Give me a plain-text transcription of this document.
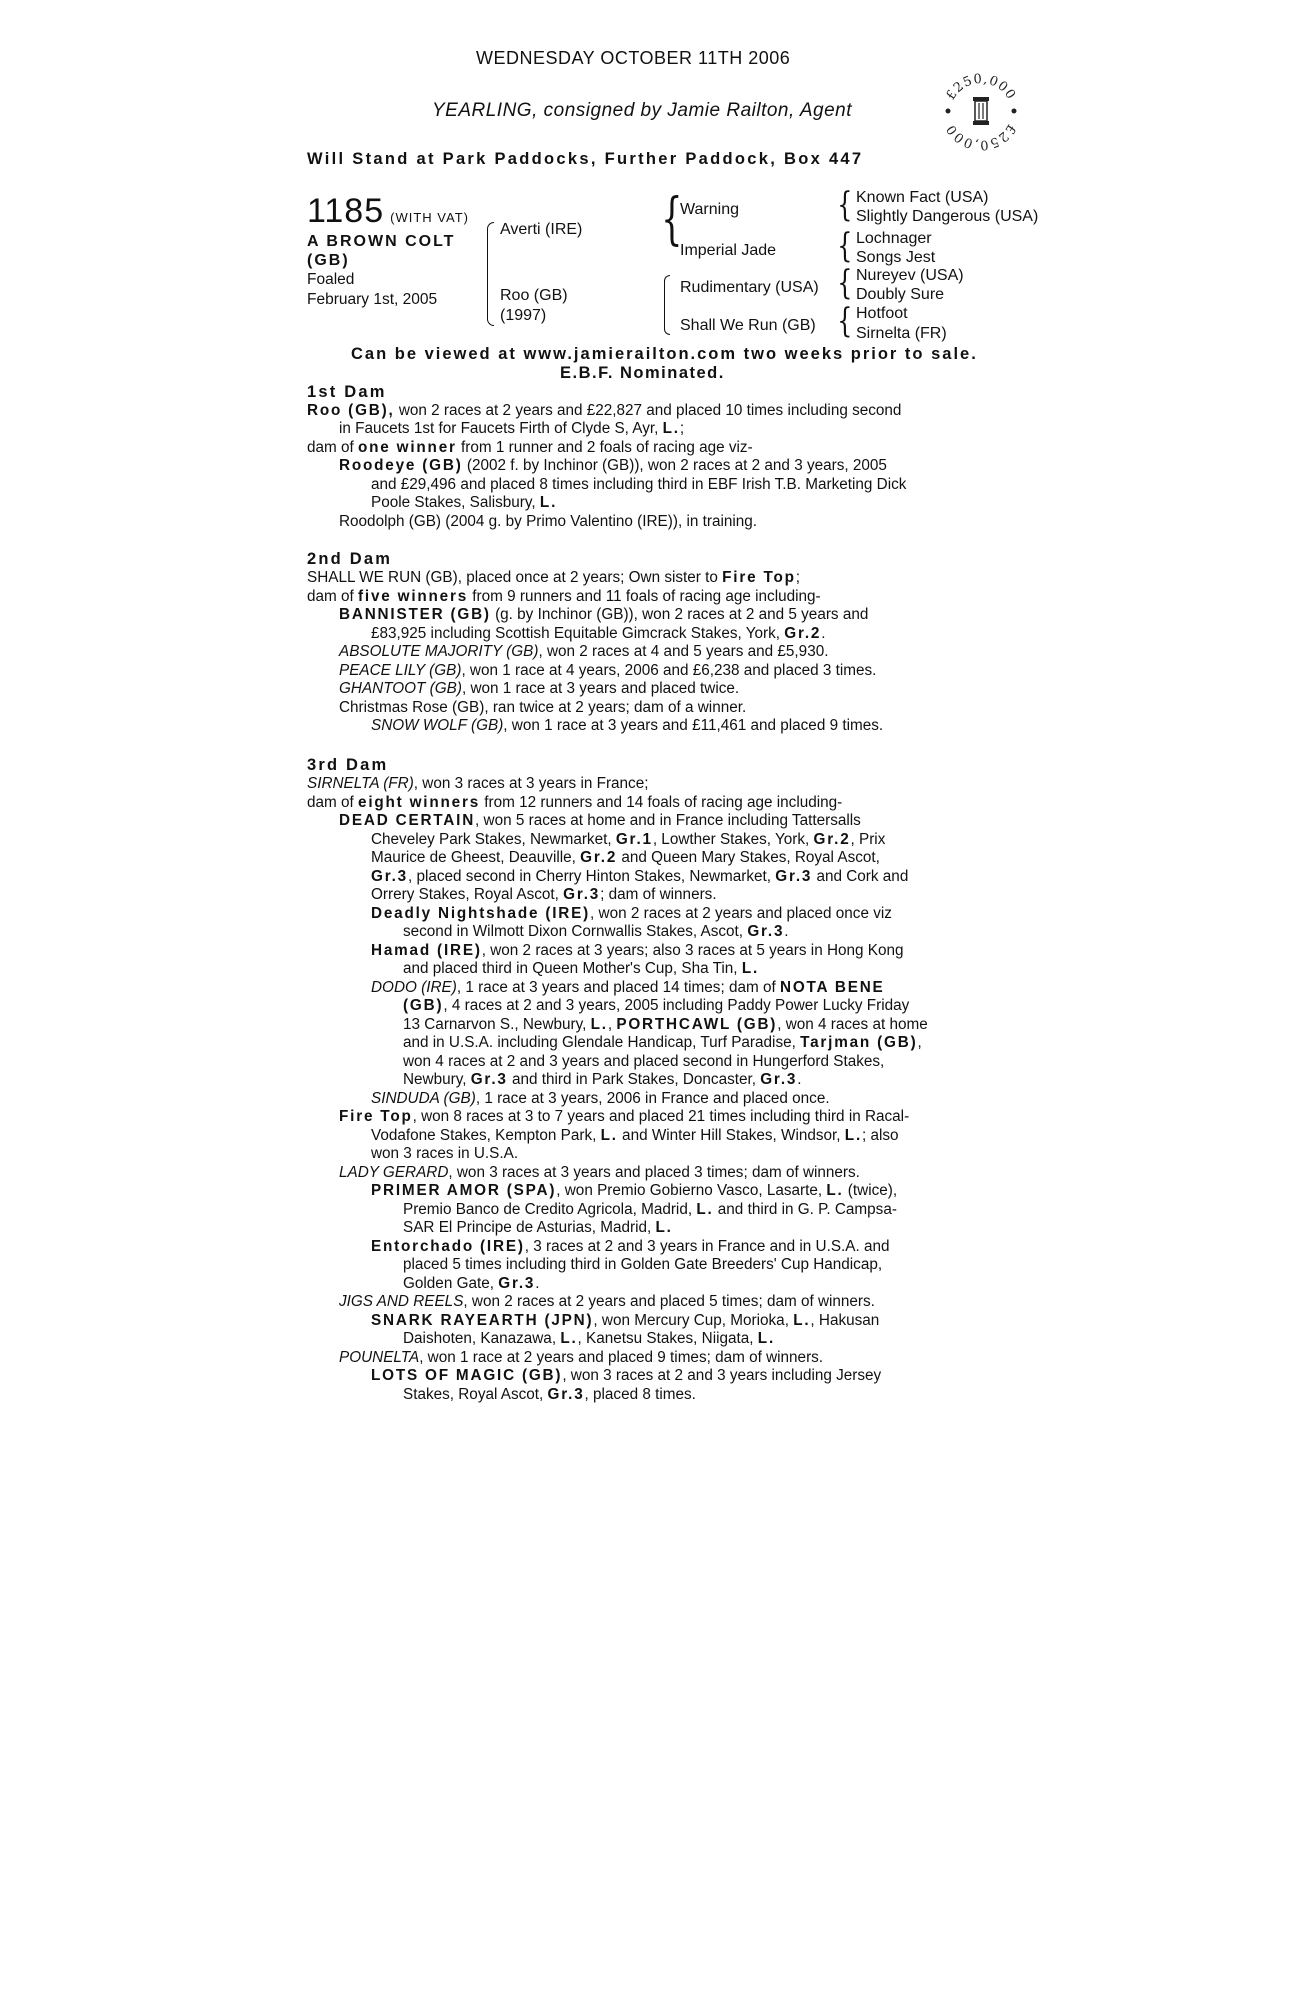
WEDNESDAY OCTOBER 11TH 2006
YEARLING, consigned by Jamie Railton, Agent
Will Stand at Park Paddocks, Further Paddock, Box 447
£250,000
£250,000
1185 (WITH VAT)
A BROWN COLT
(GB)
Foaled
February 1st, 2005
Averti (IRE)
Roo (GB)
(1997)
{
Warning
Imperial Jade
Rudimentary (USA)
Shall We Run (GB)
{
{
{
{
Known Fact (USA)
Slightly Dangerous (USA)
Lochnager
Songs Jest
Nureyev (USA)
Doubly Sure
Hotfoot
Sirnelta (FR)
Can be viewed at www.jamierailton.com two weeks prior to sale.
E.B.F. Nominated.
1st Dam
Roo (GB), won 2 races at 2 years and £22,827 and placed 10 times including second
in Faucets 1st for Faucets Firth of Clyde S, Ayr, L.;
dam of one winner from 1 runner and 2 foals of racing age viz-
Roodeye (GB) (2002 f. by Inchinor (GB)), won 2 races at 2 and 3 years, 2005
and £29,496 and placed 8 times including third in EBF Irish T.B. Marketing Dick
Poole Stakes, Salisbury, L.
Roodolph (GB) (2004 g. by Primo Valentino (IRE)), in training.
2nd Dam
SHALL WE RUN (GB), placed once at 2 years; Own sister to Fire Top;
dam of five winners from 9 runners and 11 foals of racing age including-
BANNISTER (GB) (g. by Inchinor (GB)), won 2 races at 2 and 5 years and
£83,925 including Scottish Equitable Gimcrack Stakes, York, Gr.2.
ABSOLUTE MAJORITY (GB), won 2 races at 4 and 5 years and £5,930.
PEACE LILY (GB), won 1 race at 4 years, 2006 and £6,238 and placed 3 times.
GHANTOOT (GB), won 1 race at 3 years and placed twice.
Christmas Rose (GB), ran twice at 2 years; dam of a winner.
SNOW WOLF (GB), won 1 race at 3 years and £11,461 and placed 9 times.
3rd Dam
SIRNELTA (FR), won 3 races at 3 years in France;
dam of eight winners from 12 runners and 14 foals of racing age including-
DEAD CERTAIN, won 5 races at home and in France including Tattersalls
Cheveley Park Stakes, Newmarket, Gr.1, Lowther Stakes, York, Gr.2, Prix
Maurice de Gheest, Deauville, Gr.2 and Queen Mary Stakes, Royal Ascot,
Gr.3, placed second in Cherry Hinton Stakes, Newmarket, Gr.3 and Cork and
Orrery Stakes, Royal Ascot, Gr.3; dam of winners.
Deadly Nightshade (IRE), won 2 races at 2 years and placed once viz
second in Wilmott Dixon Cornwallis Stakes, Ascot, Gr.3.
Hamad (IRE), won 2 races at 3 years; also 3 races at 5 years in Hong Kong
and placed third in Queen Mother's Cup, Sha Tin, L.
DODO (IRE), 1 race at 3 years and placed 14 times; dam of NOTA BENE
(GB), 4 races at 2 and 3 years, 2005 including Paddy Power Lucky Friday
13 Carnarvon S., Newbury, L., PORTHCAWL (GB), won 4 races at home
and in U.S.A. including Glendale Handicap, Turf Paradise, Tarjman (GB),
won 4 races at 2 and 3 years and placed second in Hungerford Stakes,
Newbury, Gr.3 and third in Park Stakes, Doncaster, Gr.3.
SINDUDA (GB), 1 race at 3 years, 2006 in France and placed once.
Fire Top, won 8 races at 3 to 7 years and placed 21 times including third in Racal-
Vodafone Stakes, Kempton Park, L. and Winter Hill Stakes, Windsor, L.; also
won 3 races in U.S.A.
LADY GERARD, won 3 races at 3 years and placed 3 times; dam of winners.
PRIMER AMOR (SPA), won Premio Gobierno Vasco, Lasarte, L. (twice),
Premio Banco de Credito Agricola, Madrid, L. and third in G. P. Campsa-
SAR El Principe de Asturias, Madrid, L.
Entorchado (IRE), 3 races at 2 and 3 years in France and in U.S.A. and
placed 5 times including third in Golden Gate Breeders' Cup Handicap,
Golden Gate, Gr.3.
JIGS AND REELS, won 2 races at 2 years and placed 5 times; dam of winners.
SNARK RAYEARTH (JPN), won Mercury Cup, Morioka, L., Hakusan
Daishoten, Kanazawa, L., Kanetsu Stakes, Niigata, L.
POUNELTA, won 1 race at 2 years and placed 9 times; dam of winners.
LOTS OF MAGIC (GB), won 3 races at 2 and 3 years including Jersey
Stakes, Royal Ascot, Gr.3, placed 8 times.
